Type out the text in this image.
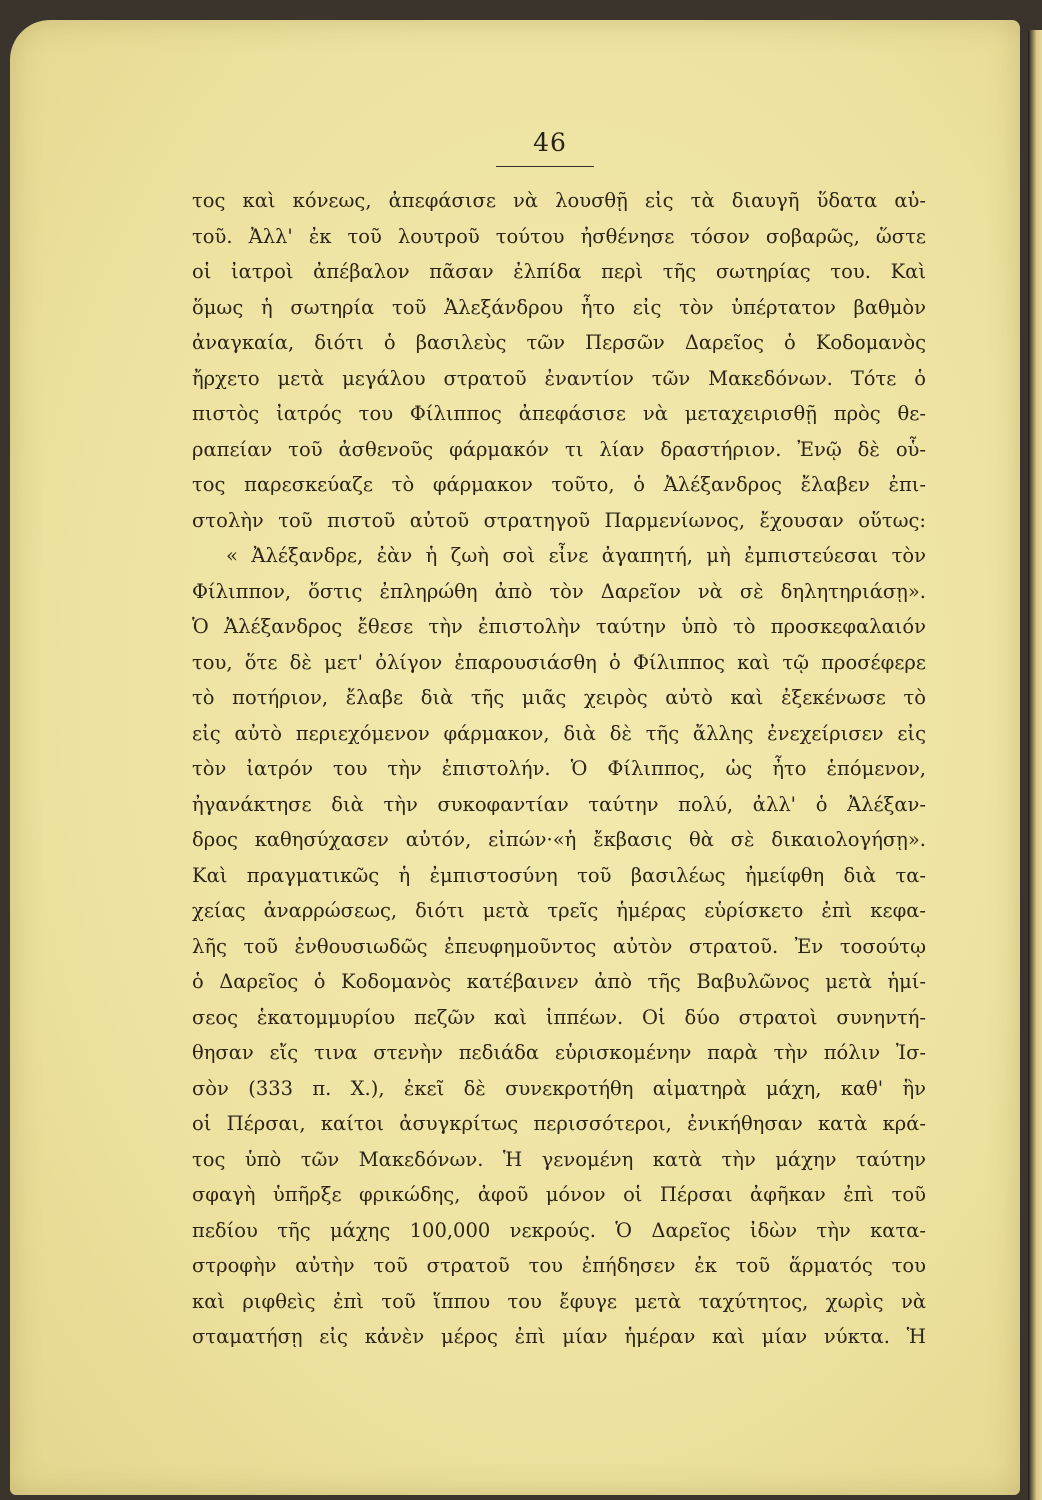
46
τος καὶ κόνεως, ἀπεφάσισε νὰ λουσθῇ εἰς τὰ διαυγῆ ὕδατα αὐ-
τοῦ. Ἀλλ' ἐκ τοῦ λουτροῦ τούτου ἠσθένησε τόσον σοβαρῶς, ὥστε
οἱ ἰατροὶ ἀπέβαλον πᾶσαν ἐλπίδα περὶ τῆς σωτηρίας του. Καὶ
ὅμως ἡ σωτηρία τοῦ Ἀλεξάνδρου ἦτο εἰς τὸν ὑπέρτατον βαθμὸν
ἀναγκαία, διότι ὁ βασιλεὺς τῶν Περσῶν Δαρεῖος ὁ Κοδομανὸς
ἤρχετο μετὰ μεγάλου στρατοῦ ἐναντίον τῶν Μακεδόνων. Τότε ὁ
πιστὸς ἰατρός του Φίλιππος ἀπεφάσισε νὰ μεταχειρισθῇ πρὸς θε-
ραπείαν τοῦ ἀσθενοῦς φάρμακόν τι λίαν δραστήριον. Ἐνῷ δὲ οὗ-
τος παρεσκεύαζε τὸ φάρμακον τοῦτο, ὁ Ἀλέξανδρος ἔλαβεν ἐπι-
στολὴν τοῦ πιστοῦ αὐτοῦ στρατηγοῦ Παρμενίωνος, ἔχουσαν οὕτως:
« Ἀλέξανδρε, ἐὰν ἡ ζωὴ σοὶ εἶνε ἀγαπητή, μὴ ἐμπιστεύεσαι τὸν
Φίλιππον, ὅστις ἐπληρώθη ἀπὸ τὸν Δαρεῖον νὰ σὲ δηλητηριάσῃ».
Ὁ Ἀλέξανδρος ἔθεσε τὴν ἐπιστολὴν ταύτην ὑπὸ τὸ προσκεφαλαιόν
του, ὅτε δὲ μετ' ὀλίγον ἐπαρουσιάσθη ὁ Φίλιππος καὶ τῷ προσέφερε
τὸ ποτήριον, ἔλαβε διὰ τῆς μιᾶς χειρὸς αὐτὸ καὶ ἐξεκένωσε τὸ
εἰς αὐτὸ περιεχόμενον φάρμακον, διὰ δὲ τῆς ἄλλης ἐνεχείρισεν εἰς
τὸν ἰατρόν του τὴν ἐπιστολήν. Ὁ Φίλιππος, ὡς ἦτο ἑπόμενον,
ἠγανάκτησε διὰ τὴν συκοφαντίαν ταύτην πολύ, ἀλλ' ὁ Ἀλέξαν-
δρος καθησύχασεν αὐτόν, εἰπών·«ἡ ἔκβασις θὰ σὲ δικαιολογήσῃ».
Καὶ πραγματικῶς ἡ ἐμπιστοσύνη τοῦ βασιλέως ἠμείφθη διὰ τα-
χείας ἀναρρώσεως, διότι μετὰ τρεῖς ἡμέρας εὑρίσκετο ἐπὶ κεφα-
λῆς τοῦ ἐνθουσιωδῶς ἐπευφημοῦντος αὐτὸν στρατοῦ. Ἐν τοσούτῳ
ὁ Δαρεῖος ὁ Κοδομανὸς κατέβαινεν ἀπὸ τῆς Βαβυλῶνος μετὰ ἡμί-
σεος ἑκατομμυρίου πεζῶν καὶ ἱππέων. Οἱ δύο στρατοὶ συνηντή-
θησαν εἴς τινα στενὴν πεδιάδα εὑρισκομένην παρὰ τὴν πόλιν Ἰσ-
σὸν (333 π. Χ.), ἐκεῖ δὲ συνεκροτήθη αἱματηρὰ μάχη, καθ' ἣν
οἱ Πέρσαι, καίτοι ἀσυγκρίτως περισσότεροι, ἐνικήθησαν κατὰ κρά-
τος ὑπὸ τῶν Μακεδόνων. Ἡ γενομένη κατὰ τὴν μάχην ταύτην
σφαγὴ ὑπῆρξε φρικώδης, ἀφοῦ μόνον οἱ Πέρσαι ἀφῆκαν ἐπὶ τοῦ
πεδίου τῆς μάχης 100,000 νεκρούς. Ὁ Δαρεῖος ἰδὼν τὴν κατα-
στροφὴν αὐτὴν τοῦ στρατοῦ του ἐπήδησεν ἐκ τοῦ ἅρματός του
καὶ ριφθεὶς ἐπὶ τοῦ ἵππου του ἔφυγε μετὰ ταχύτητος, χωρὶς νὰ
σταματήσῃ εἰς κἀνὲν μέρος ἐπὶ μίαν ἡμέραν καὶ μίαν νύκτα. Ἡ
